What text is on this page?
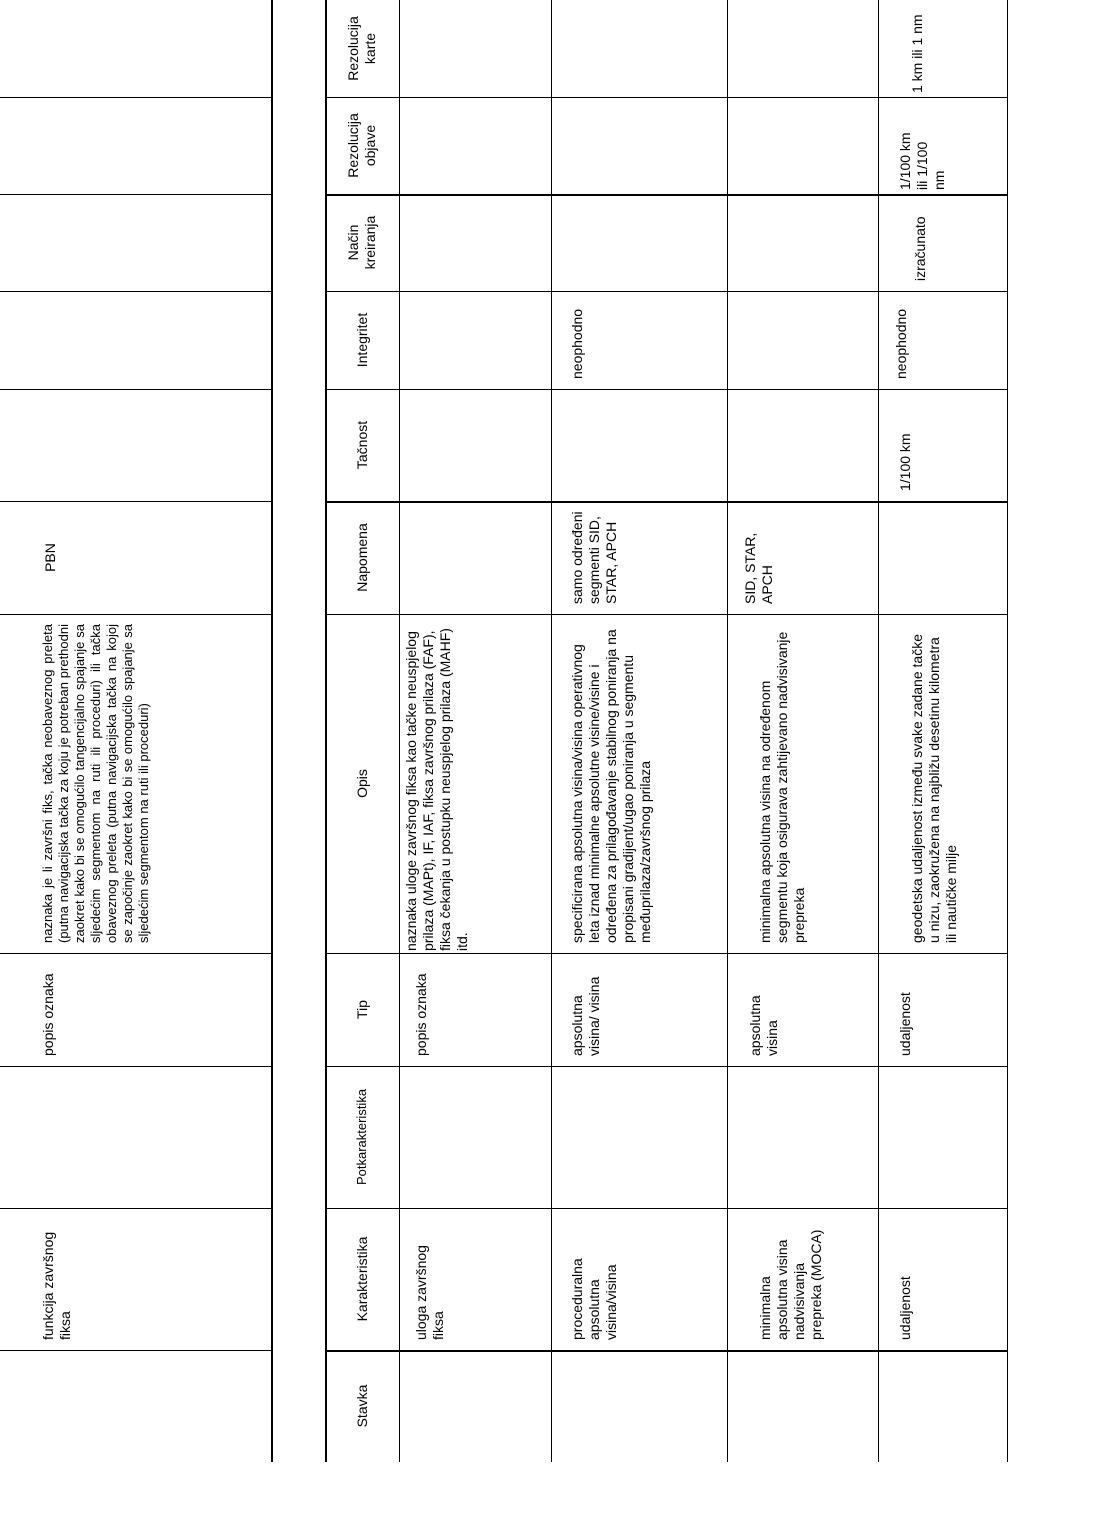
funkcija završnog fiksa
popis oznaka
naznaka je li završni fiks, tačka neobaveznog preleta (putna navigacijska tačka za koju je potreban prethodni zaokret kako bi se omogućilo tangencijalno spajanje sa sljedećim segmentom na ruti ili proceduri) ili tačka obaveznog preleta (putna navigacijska tačka na kojoj se započinje zaokret kako bi se omogućilo spajanje sa sljedećim segmentom na ruti ili proceduri)
PBN
Stavka
Karakteristika
Potkarakteristika
Tip
Opis
Napomena
Tačnost
Integritet
Način kreiranja
Rezolucija objave
Rezolucija karte
uloga završnog fiksa
popis oznaka
naznaka uloge završnog fiksa kao tačke neuspjelog prilaza (MAPt), IF, IAF, fiksa završnog prilaza (FAF), fiksa čekanja u postupku neuspjelog prilaza (MAHF) itd.
proceduralna apsolutna visina/visina
apsolutna visina/ visina
specificirana apsolutna visina/visina operativnog leta iznad minimalne apsolutne visine/visine i određena za prilagođavanje stabilnog poniranja na propisani gradijent/ugao poniranja u segmentu međuprilaza/završnog prilaza
samo određeni segmenti SID, STAR, APCH
neophodno
minimalna apsolutna visina nadvisivanja prepreka (MOCA)
apsolutna visina
minimalna apsolutna visina na određenom segmentu koja osigurava zahtijevano nadvisivanje prepreka
SID, STAR, APCH
udaljenost
udaljenost
geodetska udaljenost između svake zadane tačke u nizu, zaokružena na najbližu desetinu kilometra ili nautičke milje
1/100 km
neophodno
izračunato
1/100 km ili 1/100 nm
1 km ili 1 nm
